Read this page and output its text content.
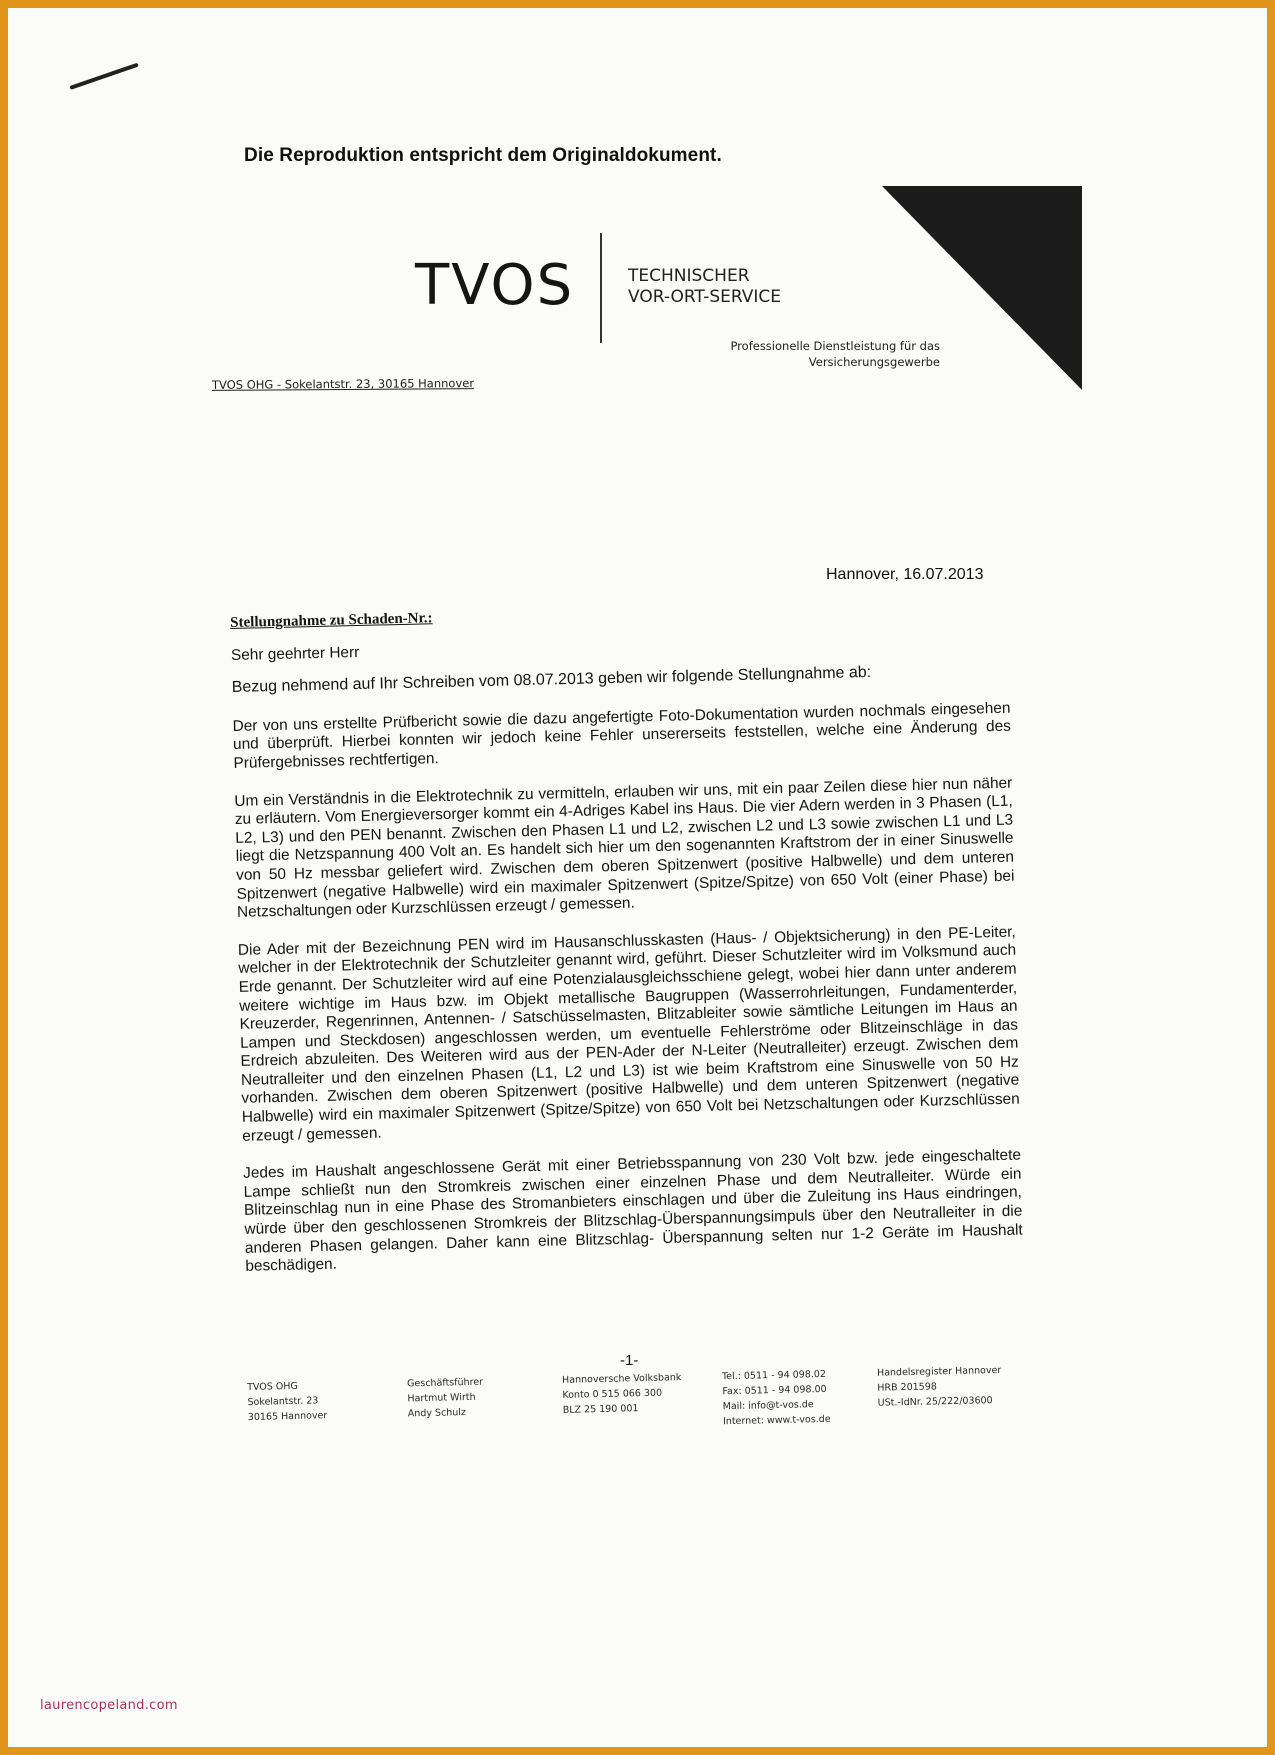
Die Reproduktion entspricht dem Originaldokument.
TVOS	TECHNISCHER
VOR-ORT-SERVICE
Professionelle Dienstleistung für das
Versicherungsgewerbe
TVOS OHG - Sokelantstr. 23, 30165 Hannover
Hannover, 16.07.2013
Stellungnahme zu Schaden-Nr.:
Sehr geehrter Herr
Bezug nehmend auf Ihr Schreiben vom 08.07.2013 geben wir folgende Stellungnahme ab:

Der von uns erstellte Prüfbericht sowie die dazu angefertigte Foto-Dokumentation wurden nochmals eingesehen und überprüft. Hierbei konnten wir jedoch keine Fehler unsererseits feststellen, welche eine Änderung des Prüfergebnisses rechtfertigen.

Um ein Verständnis in die Elektrotechnik zu vermitteln, erlauben wir uns, mit ein paar Zeilen diese hier nun näher zu erläutern. Vom Energieversorger kommt ein 4-Adriges Kabel ins Haus. Die vier Adern werden in 3 Phasen (L1, L2, L3) und den PEN benannt. Zwischen den Phasen L1 und L2, zwischen L2 und L3 sowie zwischen L1 und L3 liegt die Netzspannung 400 Volt an. Es handelt sich hier um den sogenannten Kraftstrom der in einer Sinuswelle von 50 Hz messbar geliefert wird. Zwischen dem oberen Spitzenwert (positive Halbwelle) und dem unteren Spitzenwert (negative Halbwelle) wird ein maximaler Spitzenwert (Spitze/Spitze) von 650 Volt (einer Phase) bei Netzschaltungen oder Kurzschlüssen erzeugt / gemessen.

Die Ader mit der Bezeichnung PEN wird im Hausanschlusskasten (Haus- / Objektsicherung) in den PE-Leiter, welcher in der Elektrotechnik der Schutzleiter genannt wird, geführt. Dieser Schutzleiter wird im Volksmund auch Erde genannt. Der Schutzleiter wird auf eine Potenzialausgleichsschiene gelegt, wobei hier dann unter anderem weitere wichtige im Haus bzw. im Objekt metallische Baugruppen (Wasserrohrleitungen, Fundamenterder, Kreuzerder, Regenrinnen, Antennen- / Satschüsselmasten, Blitzableiter sowie sämtliche Leitungen im Haus an Lampen und Steckdosen) angeschlossen werden, um eventuelle Fehlerströme oder Blitzeinschläge in das Erdreich abzuleiten. Des Weiteren wird aus der PEN-Ader der N-Leiter (Neutralleiter) erzeugt. Zwischen dem Neutralleiter und den einzelnen Phasen (L1, L2 und L3) ist wie beim Kraftstrom eine Sinuswelle von 50 Hz vorhanden. Zwischen dem oberen Spitzenwert (positive Halbwelle) und dem unteren Spitzenwert (negative Halbwelle) wird ein maximaler Spitzenwert (Spitze/Spitze) von 650 Volt bei Netzschaltungen oder Kurzschlüssen erzeugt / gemessen.

Jedes im Haushalt angeschlossene Gerät mit einer Betriebsspannung von 230 Volt bzw. jede eingeschaltete Lampe schließt nun den Stromkreis zwischen einer einzelnen Phase und dem Neutralleiter. Würde ein Blitzeinschlag nun in eine Phase des Stromanbieters einschlagen und über die Zuleitung ins Haus eindringen, würde über den geschlossenen Stromkreis der Blitzschlag-Überspannungsimpuls über den Neutralleiter in die anderen Phasen gelangen. Daher kann eine Blitzschlag- Überspannung selten nur 1-2 Geräte im Haushalt beschädigen.

-1-
TVOS OHG
Sokelantstr. 23
30165 Hannover
Geschäftsführer
Hartmut Wirth
Andy Schulz
Hannoversche Volksbank
Konto 0 515 066 300
BLZ 25 190 001
Tel.: 0511 - 94 098.02
Fax: 0511 - 94 098.00
Mail: info@t-vos.de
Internet: www.t-vos.de
Handelsregister Hannover
HRB 201598
USt.-IdNr. 25/222/03600
laurencopeland.com
